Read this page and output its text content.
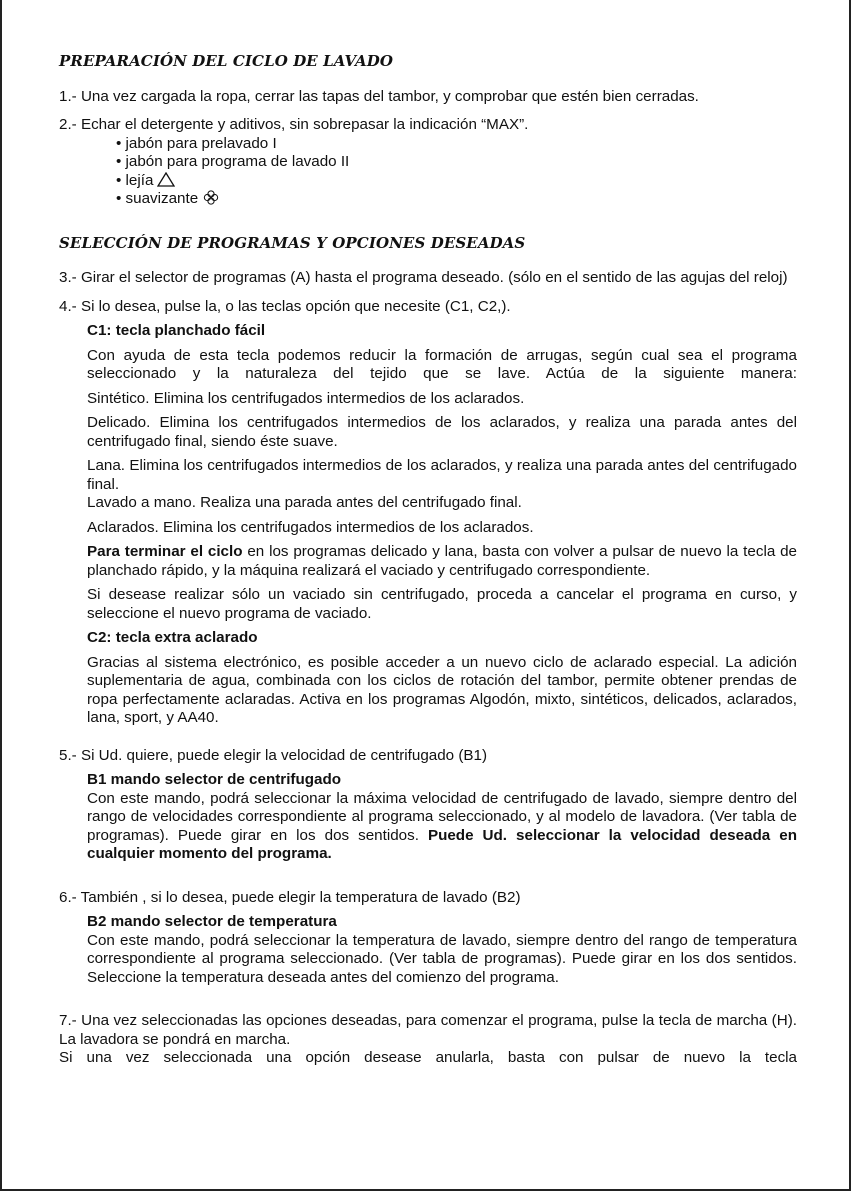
PREPARACIÓN DEL CICLO DE LAVADO

1.- Una vez cargada la ropa, cerrar las tapas del tambor, y comprobar que estén bien cerradas.

2.- Echar el detergente y aditivos, sin sobrepasar la indicación “MAX”.

• jabón para prelavado I
• jabón para programa de lavado II
• lejía
• suavizante
SELECCIÓN DE PROGRAMAS Y OPCIONES DESEADAS

3.- Girar el selector de programas (A) hasta el programa deseado. (sólo en el sentido de las agujas del reloj)

4.- Si lo desea, pulse la, o las teclas opción que necesite (C1, C2,).

C1: tecla planchado fácil

Con ayuda de esta tecla podemos reducir la formación de arrugas, según cual sea el programa seleccionado y la naturaleza del tejido que se lave. Actúa de la siguiente manera:

Sintético. Elimina los centrifugados intermedios de los aclarados.

Delicado. Elimina los centrifugados intermedios de los aclarados, y realiza una parada antes del centrifugado final, siendo éste suave.

Lana. Elimina los centrifugados intermedios de los aclarados, y realiza una parada antes del centrifugado final.

Lavado a mano. Realiza una parada antes del centrifugado final.

Aclarados. Elimina los centrifugados intermedios de los aclarados.

Para terminar el ciclo en los programas delicado y lana, basta con volver a pulsar de nuevo la tecla de planchado rápido, y la máquina realizará el vaciado y centrifugado correspondiente.

Si desease realizar sólo un vaciado sin centrifugado, proceda a cancelar el programa en curso, y seleccione el nuevo programa de vaciado.

C2: tecla extra aclarado

Gracias al sistema electrónico, es posible acceder a un nuevo ciclo de aclarado especial. La adición suplementaria de agua, combinada con los ciclos de rotación del tambor, permite obtener prendas de ropa perfectamente aclaradas. Activa en los programas Algodón, mixto, sintéticos, delicados, aclarados, lana, sport, y AA40.

5.- Si Ud. quiere, puede elegir la velocidad de centrifugado (B1)

B1 mando selector de centrifugado

Con este mando, podrá seleccionar la máxima velocidad de centrifugado de lavado, siempre dentro del rango de velocidades correspondiente al programa seleccionado, y al modelo de lavadora. (Ver tabla de programas). Puede girar en los dos sentidos. Puede Ud. seleccionar la velocidad deseada en cualquier momento del programa.

6.- También , si lo desea, puede elegir la temperatura de lavado (B2)

B2 mando selector de temperatura

Con este mando, podrá seleccionar la temperatura de lavado, siempre dentro del rango de temperatura correspondiente al programa seleccionado. (Ver tabla de programas). Puede girar en los dos sentidos. Seleccione la temperatura deseada antes del comienzo del programa.

7.- Una vez seleccionadas las opciones deseadas, para comenzar el programa, pulse la tecla de marcha (H). La lavadora se pondrá en marcha.

Si una vez seleccionada una opción desease anularla, basta con pulsar de nuevo la tecla
